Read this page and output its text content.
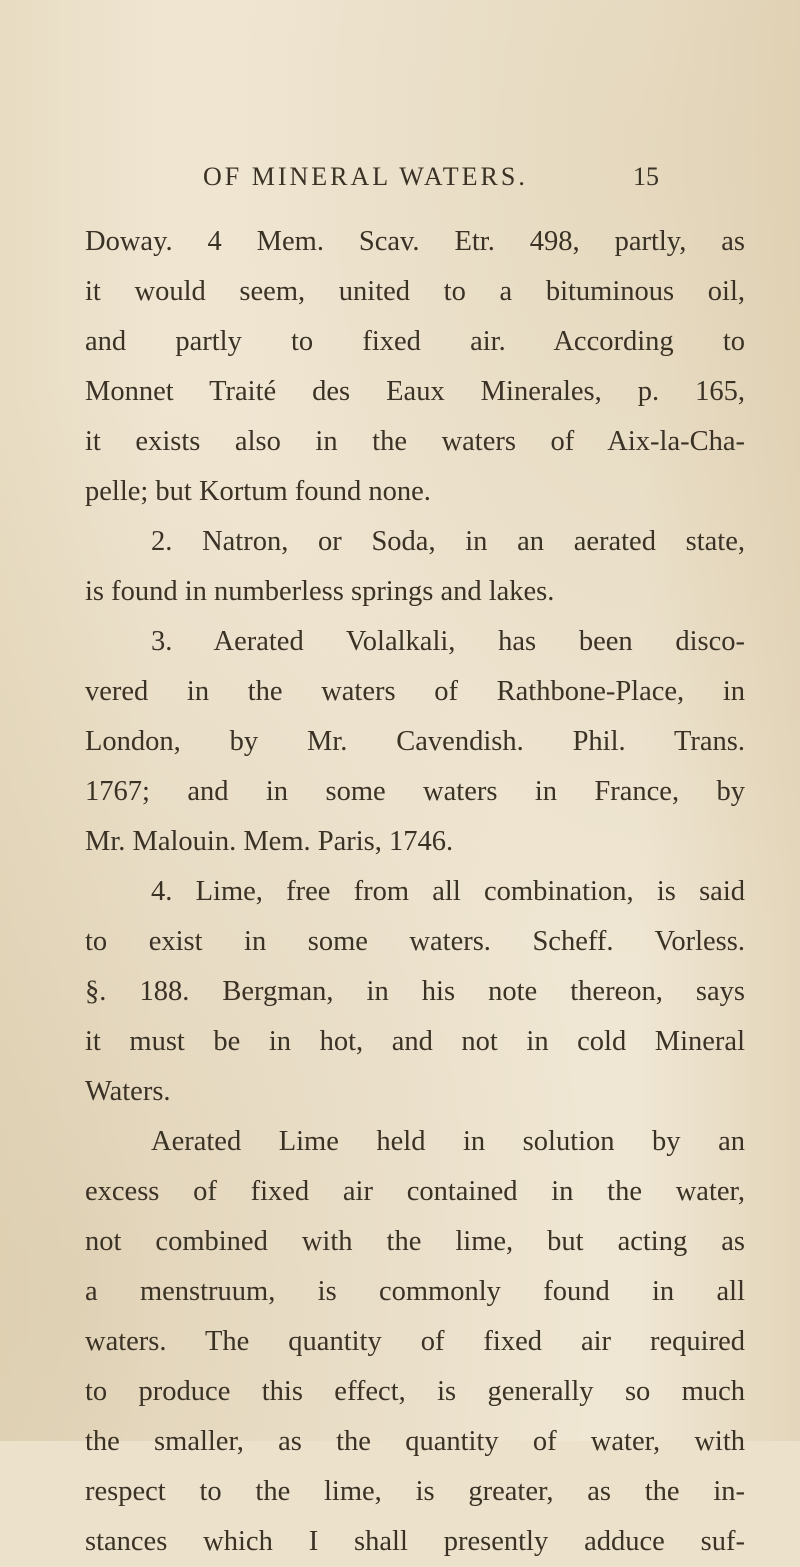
OF MINERAL WATERS.	15
Doway. 4 Mem. Scav. Etr. 498, partly, as
it would seem, united to a bituminous oil,
and partly to fixed air. According to
Monnet Traité des Eaux Minerales, p. 165,
it exists also in the waters of Aix-la-Cha-
pelle; but Kortum found none.
2. Natron, or Soda, in an aerated state,
is found in numberless springs and lakes.
3. Aerated Volalkali, has been disco-
vered in the waters of Rathbone-Place, in
London, by Mr. Cavendish. Phil. Trans.
1767; and in some waters in France, by
Mr. Malouin. Mem. Paris, 1746.
4. Lime, free from all combination, is said
to exist in some waters. Scheff. Vorless.
§. 188. Bergman, in his note thereon, says
it must be in hot, and not in cold Mineral
Waters.
Aerated Lime held in solution by an
excess of fixed air contained in the water,
not combined with the lime, but acting as
a menstruum, is commonly found in all
waters. The quantity of fixed air required
to produce this effect, is generally so much
the smaller, as the quantity of water, with
respect to the lime, is greater, as the in-
stances which I shall presently adduce suf-
